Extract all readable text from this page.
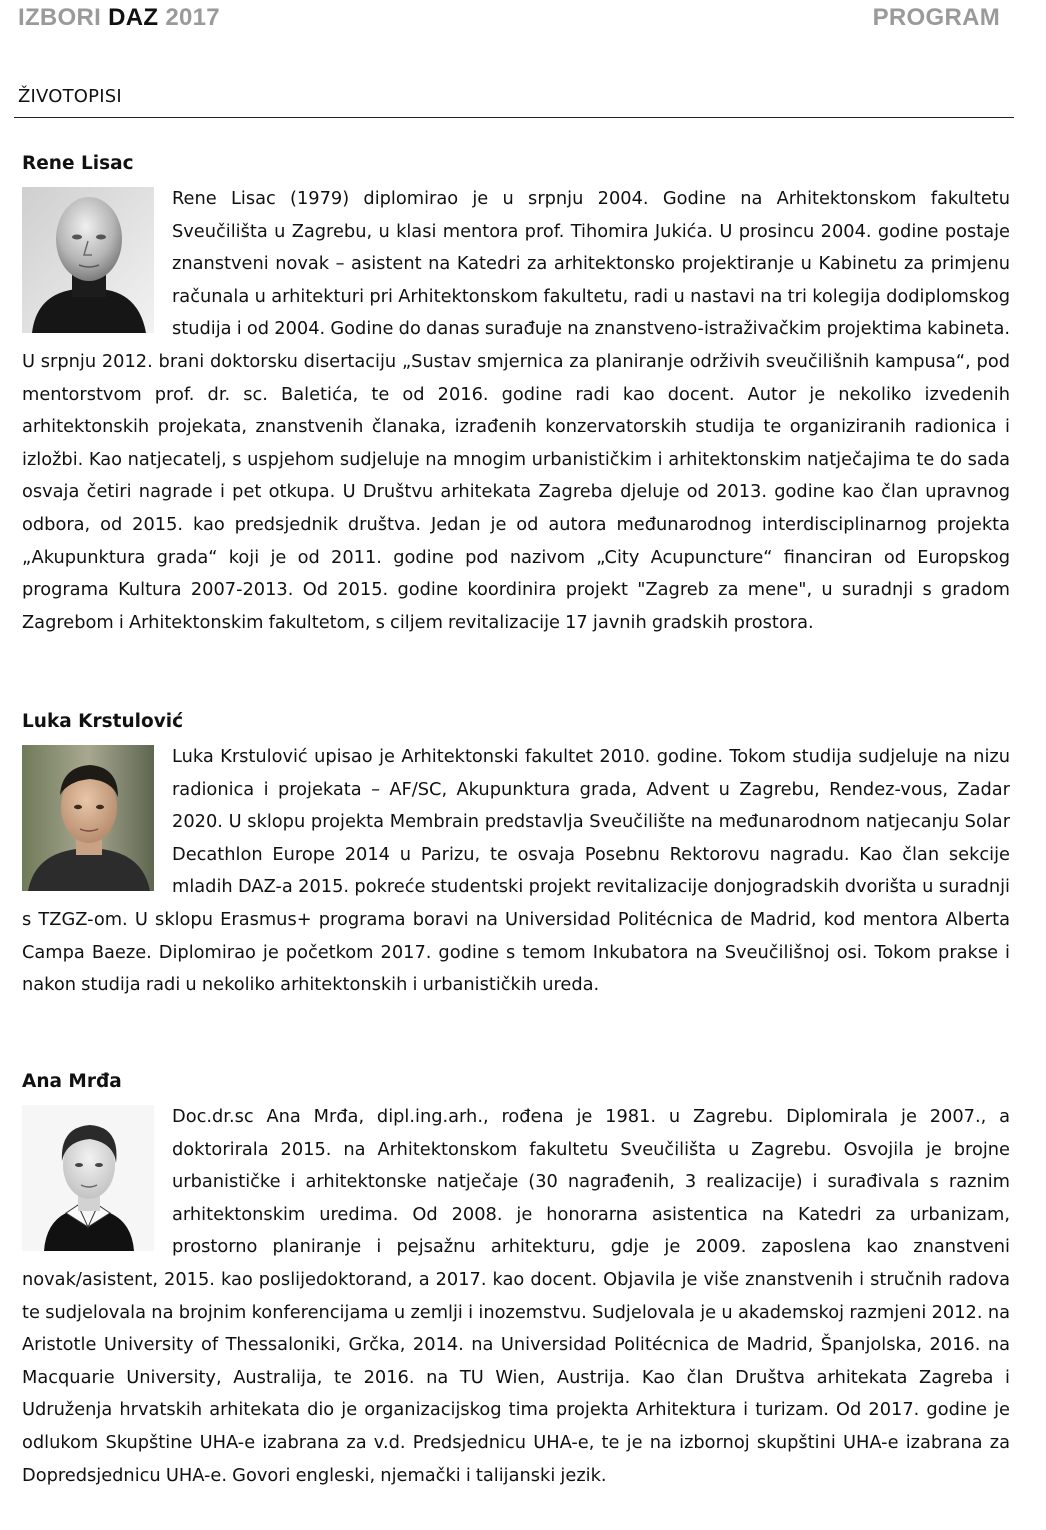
IZBORI DAZ 2017	PROGRAM
ŽIVOTOPISI
Rene Lisac

Rene Lisac (1979) diplomirao je u srpnju 2004. Godine na Arhitektonskom fakultetu Sveučilišta u Zagrebu, u klasi mentora prof. Tihomira Jukića. U prosincu 2004. godine postaje znanstveni novak – asistent na Katedri za arhitektonsko projektiranje u Kabinetu za primjenu računala u arhitekturi pri Arhitektonskom fakultetu, radi u nastavi na tri kolegija dodiplomskog studija i od 2004. Godine do danas surađuje na znanstveno-istraživačkim projektima kabineta. U srpnju 2012. brani doktorsku disertaciju „Sustav smjernica za planiranje održivih sveučilišnih kampusa“, pod mentorstvom prof. dr. sc. Baletića, te od 2016. godine radi kao docent. Autor je nekoliko izvedenih arhitektonskih projekata, znanstvenih članaka, izrađenih konzervatorskih studija te organiziranih radionica i izložbi. Kao natjecatelj, s uspjehom sudjeluje na mnogim urbanističkim i arhitektonskim natječajima te do sada osvaja četiri nagrade i pet otkupa. U Društvu arhitekata Zagreba djeluje od 2013. godine kao član upravnog odbora, od 2015. kao predsjednik društva. Jedan je od autora međunarodnog interdisciplinarnog projekta „Akupunktura grada“ koji je od 2011. godine pod nazivom „City Acupuncture“ financiran od Europskog programa Kultura 2007-2013. Od 2015. godine koordinira projekt "Zagreb za mene", u suradnji s gradom Zagrebom i Arhitektonskim fakultetom, s ciljem revitalizacije 17 javnih gradskih prostora.

Luka Krstulović

Luka Krstulović upisao je Arhitektonski fakultet 2010. godine. Tokom studija sudjeluje na nizu radionica i projekata – AF/SC, Akupunktura grada, Advent u Zagrebu, Rendez-vous, Zadar 2020. U sklopu projekta Membrain predstavlja Sveučilište na međunarodnom natjecanju Solar Decathlon Europe 2014 u Parizu, te osvaja Posebnu Rektorovu nagradu. Kao član sekcije mladih DAZ-a 2015. pokreće studentski projekt revitalizacije donjogradskih dvorišta u suradnji s TZGZ-om. U sklopu Erasmus+ programa boravi na Universidad Politécnica de Madrid, kod mentora Alberta Campa Baeze. Diplomirao je početkom 2017. godine s temom Inkubatora na Sveučilišnoj osi. Tokom prakse i nakon studija radi u nekoliko arhitektonskih i urbanističkih ureda.

Ana Mrđa

Doc.dr.sc Ana Mrđa, dipl.ing.arh., rođena je 1981. u Zagrebu. Diplomirala je 2007., a doktorirala 2015. na Arhitektonskom fakultetu Sveučilišta u Zagrebu. Osvojila je brojne urbanističke i arhitektonske natječaje (30 nagrađenih, 3 realizacije) i surađivala s raznim arhitektonskim uredima. Od 2008. je honorarna asistentica na Katedri za urbanizam, prostorno planiranje i pejsažnu arhitekturu, gdje je 2009. zaposlena kao znanstveni novak/asistent, 2015. kao poslijedoktorand, a 2017. kao docent. Objavila je više znanstvenih i stručnih radova te sudjelovala na brojnim konferencijama u zemlji i inozemstvu. Sudjelovala je u akademskoj razmjeni 2012. na Aristotle University of Thessaloniki, Grčka, 2014. na Universidad Politécnica de Madrid, Španjolska, 2016. na Macquarie University, Australija, te 2016. na TU Wien, Austrija. Kao član Društva arhitekata Zagreba i Udruženja hrvatskih arhitekata dio je organizacijskog tima projekta Arhitektura i turizam. Od 2017. godine je odlukom Skupštine UHA-e izabrana za v.d. Predsjednicu UHA-e, te je na izbornoj skupštini UHA-e izabrana za Dopredsjednicu UHA-e. Govori engleski, njemački i talijanski jezik.
